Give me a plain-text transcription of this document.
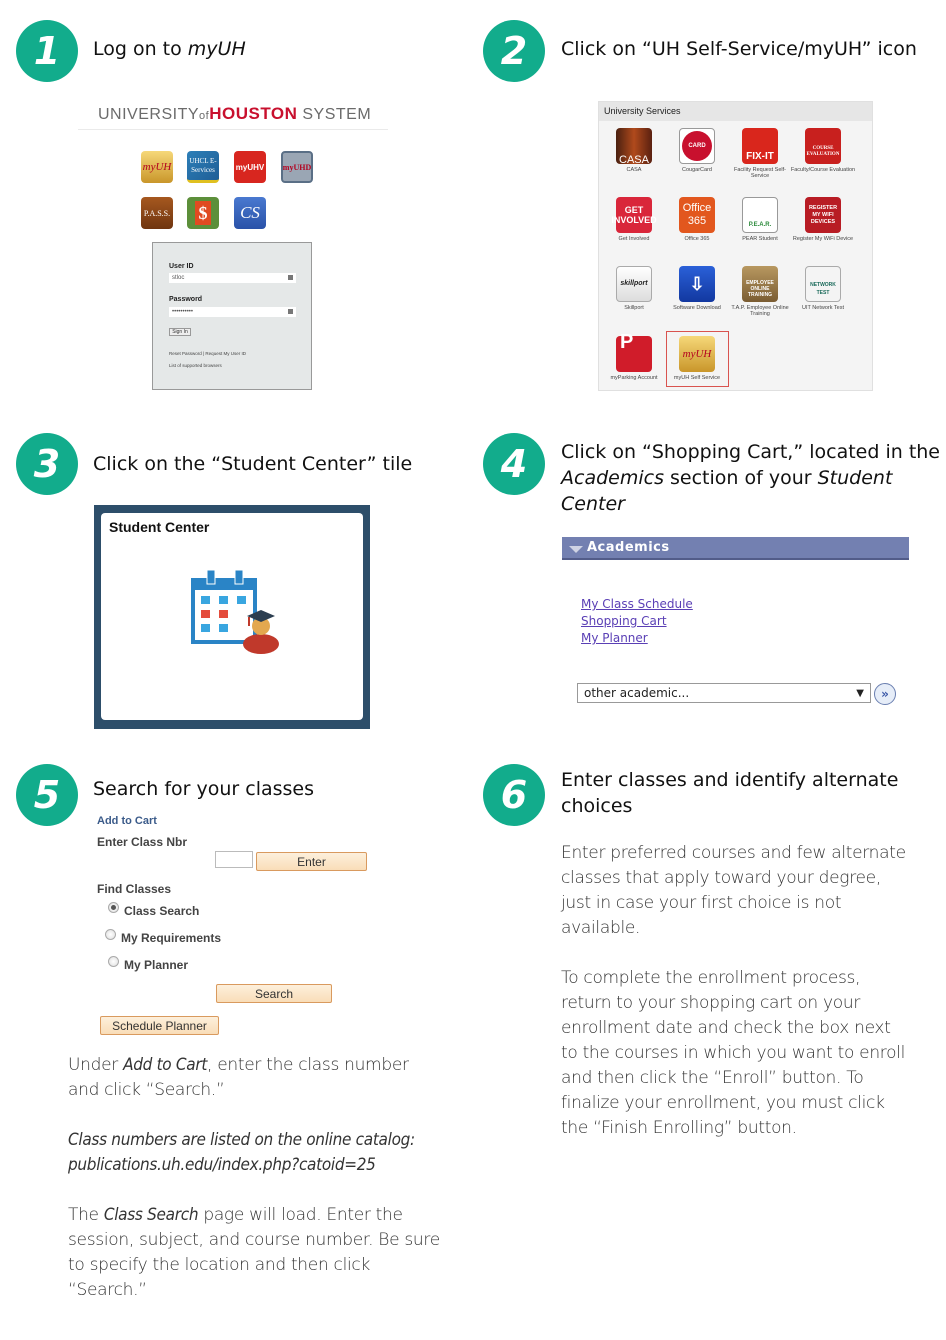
1 Log on to myUH
UNIVERSITYofHOUSTON SYSTEM
myUH	UHCL E-Services	myUHV myUHD
P.A.S.S. $ CS
User ID
stloc
Password
••••••••••
Sign In
Reset Password | Request My User ID
List of supported browsers
2 Click on “UH Self-Service/myUH” icon
University Services
CASA
CASA
CARD
CougarCard
FIX-IT
Facility Request Self-Service
COURSE EVALUATION
Faculty/Course Evaluation
GET INVOLVED
Get Involved
Office 365
Office 365
P.E.A.R.
PEAR Student
REGISTER MY WIFI DEVICES
Register My WiFi Device
skillport
Skillport
⇩
Software Download
EMPLOYEE ONLINE TRAINING
T.A.P. Employee Online Training
NETWORK TEST
UIT Network Test
P
myParking Account
myUH
myUH Self Service
3 Click on the “Student Center” tile
Student Center
4 Click on “Shopping Cart,” located in the
Academics section of your Student Center
Academics
My Class Schedule
Shopping Cart
My Planner
other academic...	▼ »
5 Search for your classes
Add to Cart
Enter Class Nbr
Enter
Find Classes
Class Search
My Requirements
My Planner
Search
Schedule Planner
Under Add to Cart, enter the class number and click “Search.”
Class numbers are listed on the online catalog:
publications.uh.edu/index.php?catoid=25
The Class Search page will load. Enter the session, subject, and course number. Be sure to specify the location and then click “Search.”
6 Enter classes and identify alternate
choices
Enter preferred courses and few alternate classes that apply toward your degree, just in case your first choice is not available.
To complete the enrollment process, return to your shopping cart on your enrollment date and check the box next to the courses in which you want to enroll and then click the “Enroll” button. To finalize your enrollment, you must click the “Finish Enrolling” button.
